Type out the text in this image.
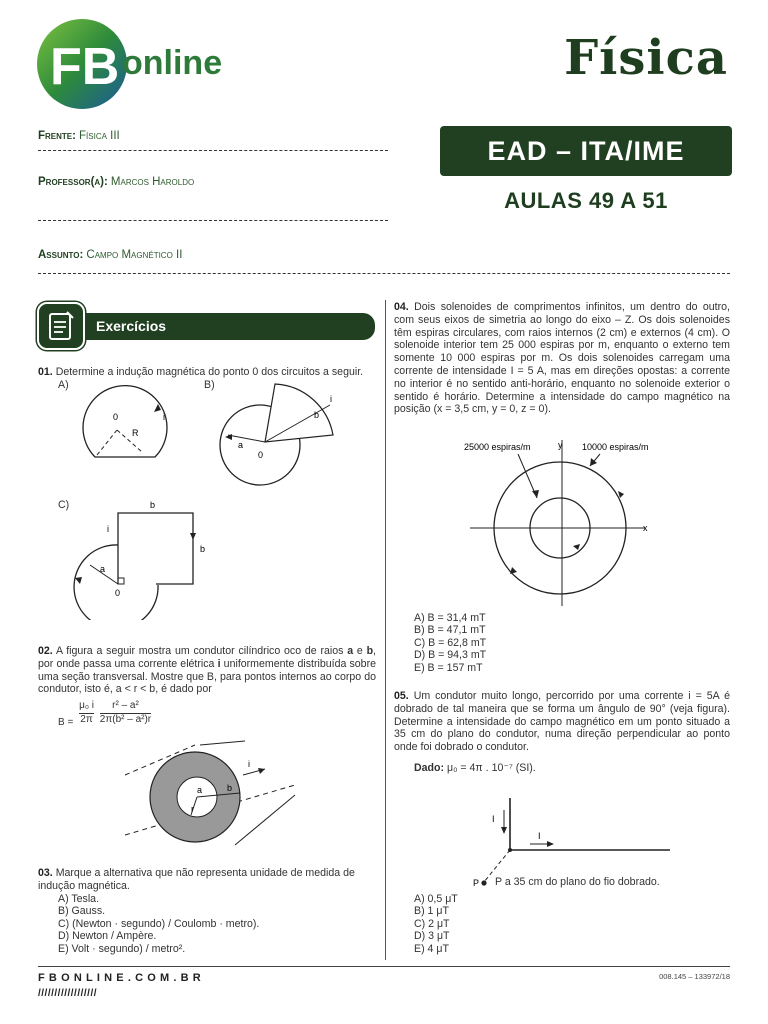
FB online	Física
EAD – ITA/IME
AULAS 49 A 51
Frente: Física III
Professor(a): Marcos Haroldo
Assunto: Campo Magnético II
Exercícios
01. Determine a indução magnética do ponto 0 dos circuitos a seguir.
A)	B)
C)
0
R
i
a
0
b
i
a
0
b
b
i
02. A figura a seguir mostra um condutor cilíndrico oco de raios a e b, por onde passa uma corrente elétrica i uniformemente distribuída sobre uma seção transversal. Mostre que B, para pontos internos ao corpo do condutor, isto é, a < r < b, é dado por
$B = \frac{\text{μ₀ i}}{2\pi}$
$\frac{\text{r² – a²}}{\text{2π(b² – a²)r}}$
a	b
r
i
03. Marque a alternativa que não representa unidade de medida de indução magnética.
A) Tesla.
B) Gauss.
C) (Newton · segundo) / Coulomb · metro).
D) Newton / Ampère.
E) Volt · segundo) / metro².
04. Dois solenoides de comprimentos infinitos, um dentro do outro, com seus eixos de simetria ao longo do eixo – Z. Os dois solenoides têm espiras circulares, com raios internos (2 cm) e externos (4 cm). O solenoide interior tem 25 000 espiras por m, enquanto o externo tem somente 10 000 espiras por m. Os dois solenoides carregam uma corrente de intensidade I = 5 A, mas em direções opostas: a corrente no interior é no sentido anti-horário, enquanto no solenoide exterior o sentido é horário. Determine a intensidade do campo magnético na posição (x = 3,5 cm, y = 0, z = 0).
25000 espiras/m	10000 espiras/m
y
x
A) B = 31,4 mT
B) B = 47,1 mT
C) B = 62,8 mT
D) B = 94,3 mT
E) B = 157 mT
05. Um condutor muito longo, percorrido por uma corrente i = 5A é dobrado de tal maneira que se forma um ângulo de 90° (veja figura). Determine a intensidade do campo magnético em um ponto situado a 35 cm do plano do condutor, numa direção perpendicular ao ponto onde foi dobrado o condutor.
Dado: μ₀ = 4π . 10⁻⁷ (SI).
I
I
P P a 35 cm do plano do fio dobrado.
A) 0,5 μT
B) 1 μT
C) 2 μT
D) 3 μT
E) 4 μT
FBONLINE.COM.BR
//////////////////
008.145 – 133972/18
